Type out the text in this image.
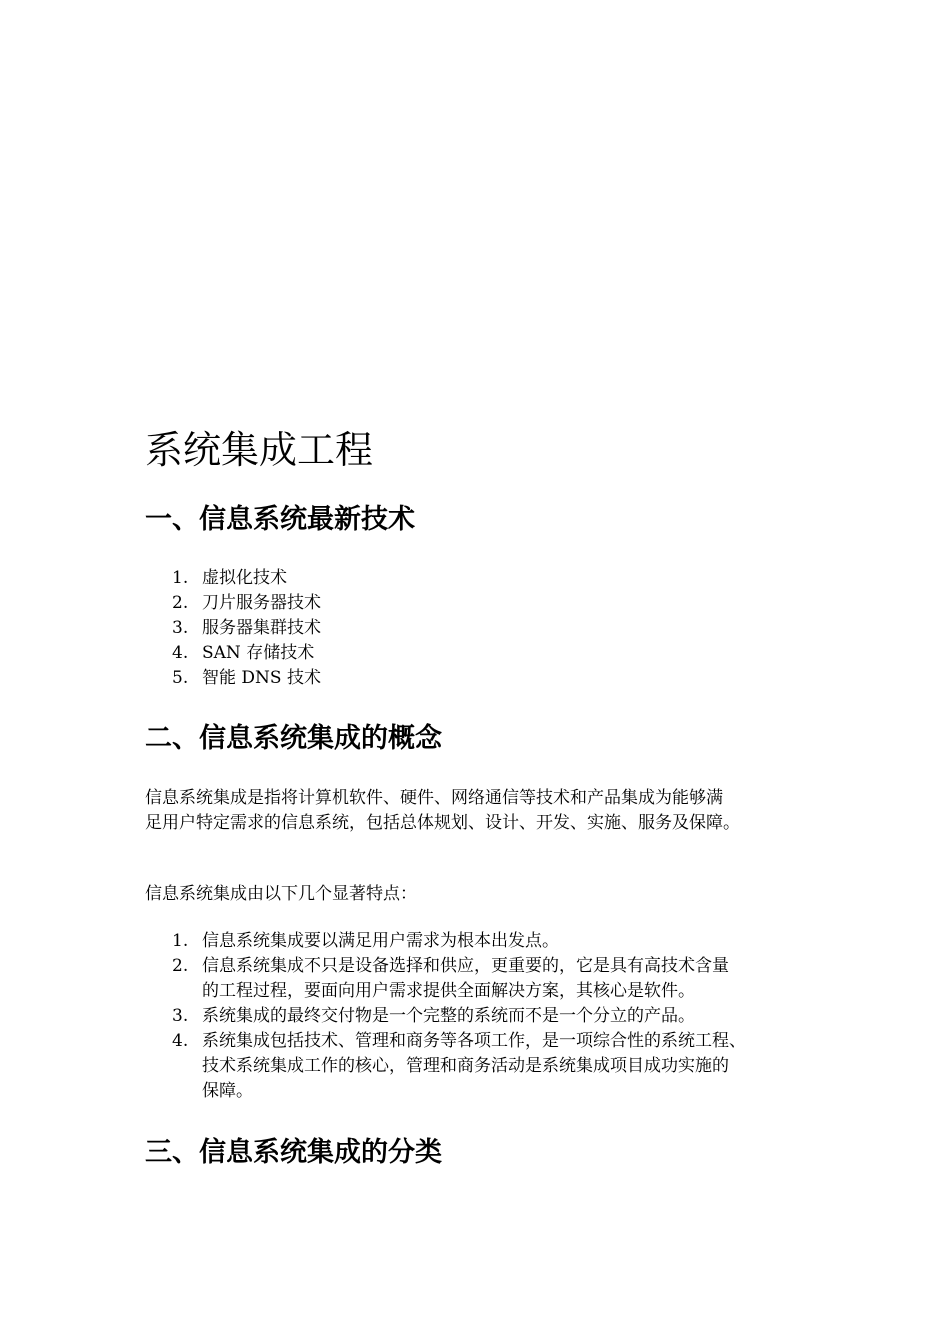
系统集成工程
一、信息系统最新技术
1. 虚拟化技术
2. 刀片服务器技术
3. 服务器集群技术
4. SAN 存储技术
5. 智能 DNS 技术
二、信息系统集成的概念

信息系统集成是指将计算机软件、硬件、网络通信等技术和产品集成为能够满
足用户特定需求的信息系统，包括总体规划、设计、开发、实施、服务及保障。

信息系统集成由以下几个显著特点：

1. 信息系统集成要以满足用户需求为根本出发点。
2. 信息系统集成不只是设备选择和供应，更重要的，它是具有高技术含量
的工程过程，要面向用户需求提供全面解决方案，其核心是软件。
3. 系统集成的最终交付物是一个完整的系统而不是一个分立的产品。
4. 系统集成包括技术、管理和商务等各项工作，是一项综合性的系统工程、
技术系统集成工作的核心，管理和商务活动是系统集成项目成功实施的
保障。
三、信息系统集成的分类
